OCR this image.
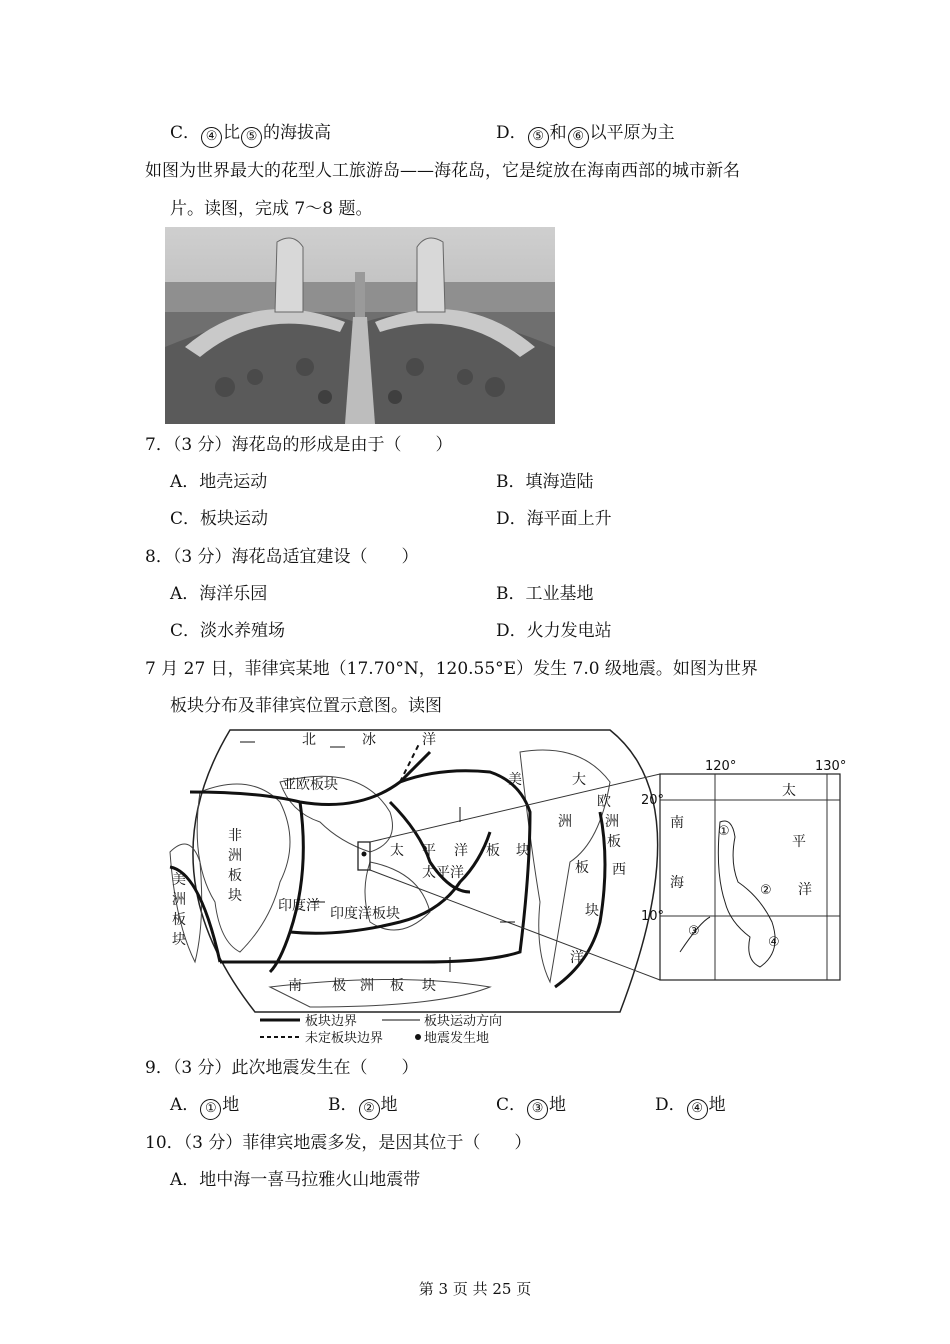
C． ④ 比 ⑤ 的海拔高	D． ⑤ 和 ⑥ 以平原为主
如图为世界最大的花型人工旅游岛——海花岛，它是绽放在海南西部的城市新名
片。读图，完成 7～8 题。
7．（3 分）海花岛的形成是由于（　　）
A．地壳运动	B．填海造陆
C．板块运动	D．海平面上升
8．（3 分）海花岛适宜建设（　　）
A．海洋乐园	B．工业基地
C．淡水养殖场	D．火力发电站
7 月 27 日，菲律宾某地（17.70°N，120.55°E）发生 7.0 级地震。如图为世界
板块分布及菲律宾位置示意图。读图
北	冰	洋
亚欧板块
非
洲
板
块
美
洲
板
块
印度洋 印度洋板块
太 平 洋 板 块
太平洋
美	大
洲
板
块
欧
洲
板
西
洋
南 极 洲 板 块
120°	130°
20°
10°
南
海
太
平
洋
①
②
③
④
板块边界
未定板块边界
板块运动方向
地震发生地
9．（3 分）此次地震发生在（　　）
A． ① 地	B． ② 地	C． ③ 地	D． ④ 地
10．（3 分）菲律宾地震多发，是因其位于（　　）
A．地中海一喜马拉雅火山地震带
第 3 页 共 25 页
